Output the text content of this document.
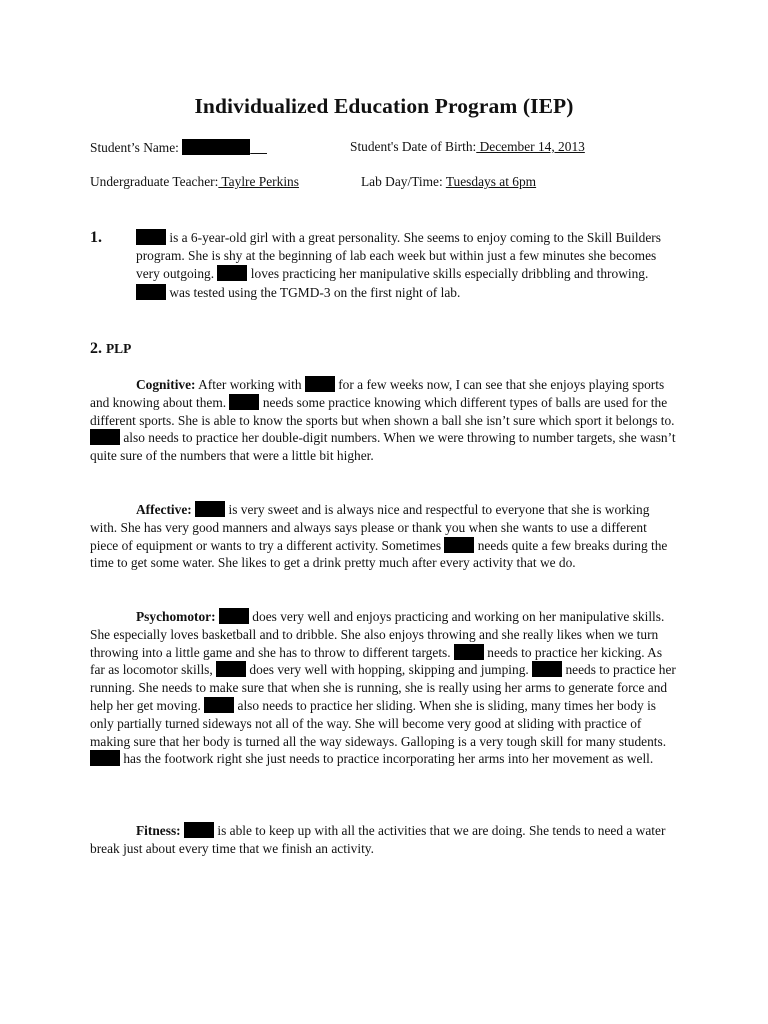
Individualized Education Program (IEP)
Student’s Name:	Student's Date of Birth: December 14, 2013
Undergraduate Teacher: Taylre Perkins	Lab Day/Time: Tuesdays at 6pm
1.	is a 6-year-old girl with a great personality. She seems to enjoy coming to the Skill Builders program. She is shy at the beginning of lab each week but within just a few minutes she becomes very outgoing.  loves practicing her manipulative skills especially dribbling and throwing.  was tested using the TGMD-3 on the first night of lab.
2. PLP
Cognitive: After working with  for a few weeks now, I can see that she enjoys playing sports and knowing about them.  needs some practice knowing which different types of balls are used for the different sports. She is able to know the sports but when shown a ball she isn’t sure which sport it belongs to.  also needs to practice her double-digit numbers. When we were throwing to number targets, she wasn’t quite sure of the numbers that were a little bit higher.
Affective:  is very sweet and is always nice and respectful to everyone that she is working with. She has very good manners and always says please or thank you when she wants to use a different piece of equipment or wants to try a different activity. Sometimes  needs quite a few breaks during the time to get some water. She likes to get a drink pretty much after every activity that we do.
Psychomotor:  does very well and enjoys practicing and working on her manipulative skills. She especially loves basketball and to dribble. She also enjoys throwing and she really likes when we turn throwing into a little game and she has to throw to different targets.  needs to practice her kicking. As far as locomotor skills,  does very well with hopping, skipping and jumping.  needs to practice her running. She needs to make sure that when she is running, she is really using her arms to generate force and help her get moving.  also needs to practice her sliding. When she is sliding, many times her body is only partially turned sideways not all of the way. She will become very good at sliding with practice of making sure that her body is turned all the way sideways. Galloping is a very tough skill for many students.  has the footwork right she just needs to practice incorporating her arms into her movement as well.
Fitness:  is able to keep up with all the activities that we are doing. She tends to need a water break just about every time that we finish an activity.
